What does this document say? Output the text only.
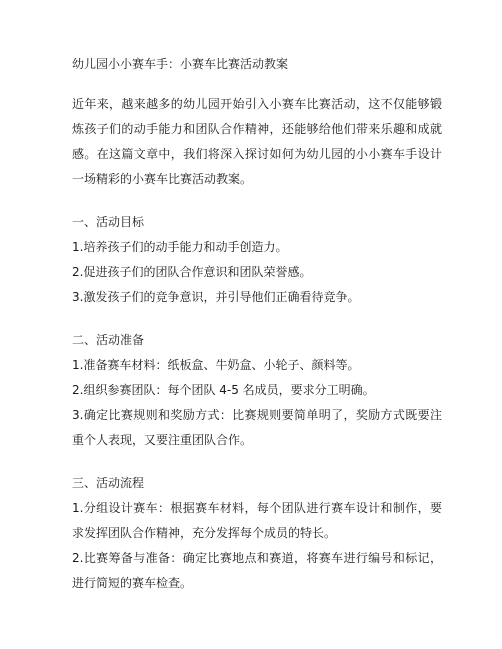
幼儿园小小赛车手：小赛车比赛活动教案

近年来，越来越多的幼儿园开始引入小赛车比赛活动，这不仅能够锻炼孩子们的动手能力和团队合作精神，还能够给他们带来乐趣和成就感。在这篇文章中，我们将深入探讨如何为幼儿园的小小赛车手设计一场精彩的小赛车比赛活动教案。

一、活动目标

1.培养孩子们的动手能力和动手创造力。

2.促进孩子们的团队合作意识和团队荣誉感。

3.激发孩子们的竞争意识，并引导他们正确看待竞争。

二、活动准备

1.准备赛车材料：纸板盒、牛奶盒、小轮子、颜料等。

2.组织参赛团队：每个团队 4-5 名成员，要求分工明确。

3.确定比赛规则和奖励方式：比赛规则要简单明了，奖励方式既要注重个人表现，又要注重团队合作。

三、活动流程

1.分组设计赛车：根据赛车材料，每个团队进行赛车设计和制作，要求发挥团队合作精神，充分发挥每个成员的特长。

2.比赛筹备与准备：确定比赛地点和赛道，将赛车进行编号和标记，进行简短的赛车检查。
